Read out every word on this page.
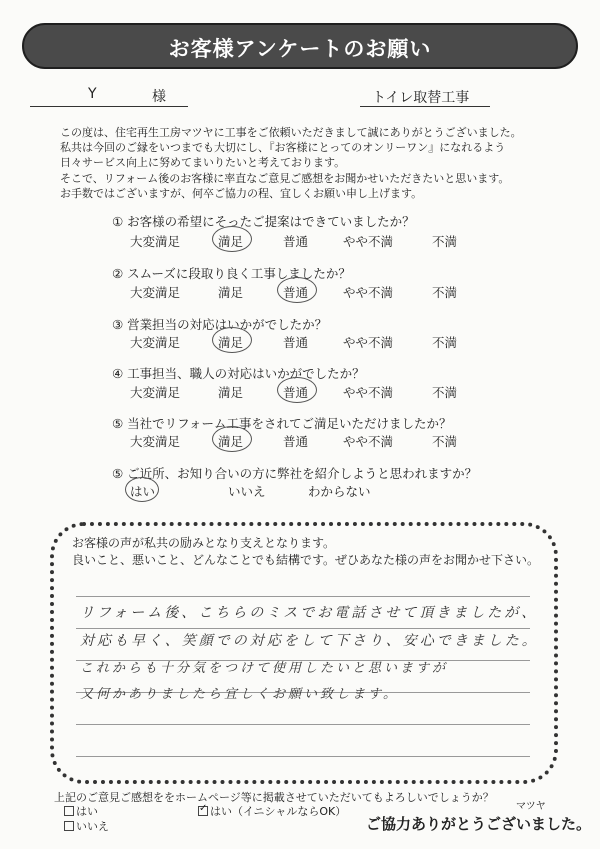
お客様アンケートのお願い
Y	様	トイレ取替工事
この度は、住宅再生工房マツヤに工事をご依頼いただきまして誠にありがとうございました。
私共は今回のご縁をいつまでも大切にし、『お客様にとってのオンリーワン』になれるよう
日々サービス向上に努めてまいりたいと考えております。
そこで、リフォーム後のお客様に率直なご意見ご感想をお聞かせいただきたいと思います。
お手数ではございますが、何卒ご協力の程、宜しくお願い申し上げます。
① お客様の希望にそったご提案はできていましたか？
大変満足	満足	普通	やや不満	不満
② スムーズに段取り良く工事しましたか？
大変満足	満足	普通	やや不満	不満
③ 営業担当の対応はいかがでしたか？
大変満足	満足	普通	やや不満	不満
④ 工事担当、職人の対応はいかがでしたか？
大変満足	満足	普通	やや不満	不満
⑤ 当社でリフォーム工事をされてご満足いただけましたか？
大変満足	満足	普通	やや不満	不満
⑤ ご近所、お知り合いの方に弊社を紹介しようと思われますか？
はい	いいえ	わからない
お客様の声が私共の励みとなり支えとなります。
良いこと、悪いこと、どんなことでも結構です。ぜひあなた様の声をお聞かせ下さい。
リフォーム後、こちらのミスでお電話させて頂きましたが、
対応も早く、笑顔での対応をして下さり、安心できました。
これからも十分気をつけて使用したいと思いますが
又何かありましたら宜しくお願い致します。
上記のご意見ご感想ををホームページ等に掲載させていただいてもよろしいでしょうか？
はい
いいえ
✓ はい（イニシャルならOK）	マツヤ
ご協力ありがとうございました。
